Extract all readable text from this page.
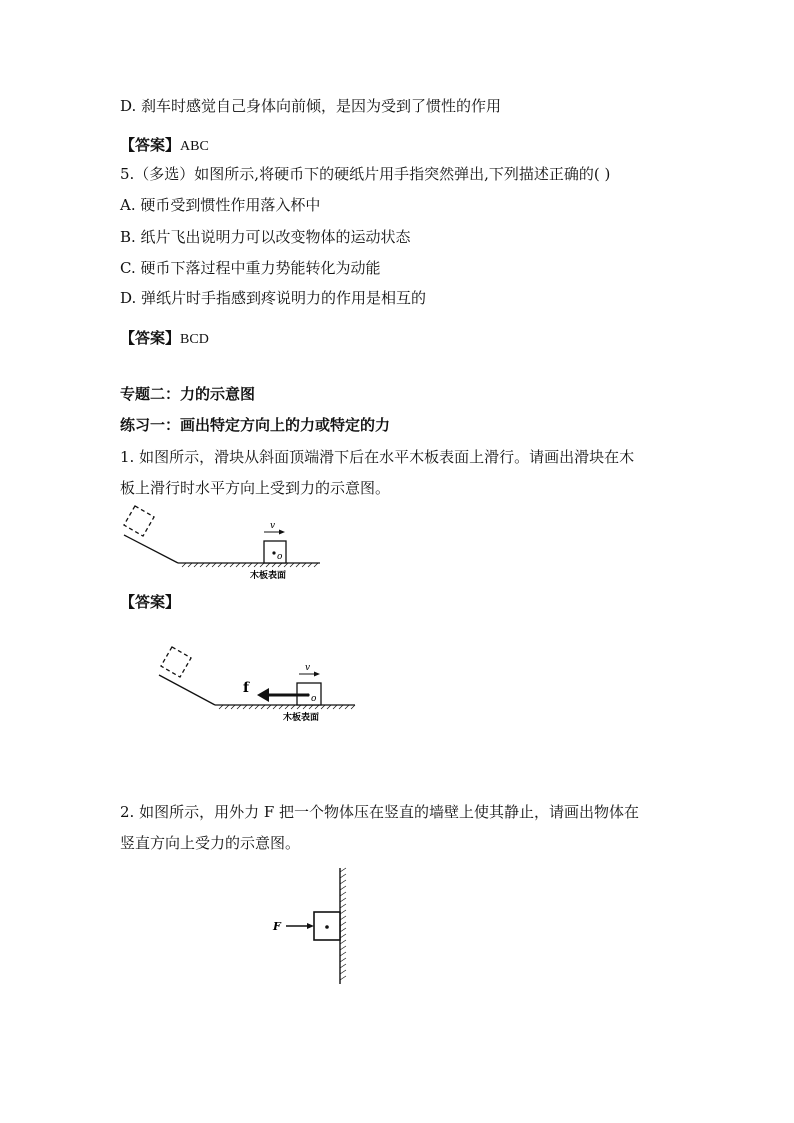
D. 刹车时感觉自己身体向前倾，是因为受到了惯性的作用
【答案】ABC
5.（多选）如图所示,将硬币下的硬纸片用手指突然弹出,下列描述正确的( )
A. 硬币受到惯性作用落入杯中
B. 纸片飞出说明力可以改变物体的运动状态
C. 硬币下落过程中重力势能转化为动能
D. 弹纸片时手指感到疼说明力的作用是相互的
【答案】BCD
专题二：力的示意图
练习一：画出特定方向上的力或特定的力
1. 如图所示，滑块从斜面顶端滑下后在水平木板表面上滑行。请画出滑块在木
板上滑行时水平方向上受到力的示意图。
o
v
木板表面
【答案】
o
v
f
木板表面
2. 如图所示，用外力 F 把一个物体压在竖直的墙壁上使其静止，请画出物体在
竖直方向上受力的示意图。
F
